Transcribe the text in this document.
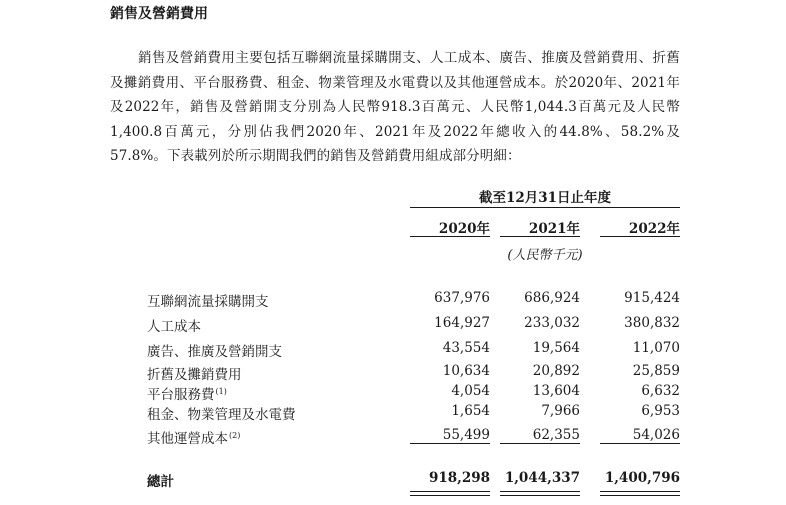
銷售及營銷費用

銷售及營銷費用主要包括互聯網流量採購開支、人工成本、廣告、推廣及營銷費用、折舊及攤銷費用、平台服務費、租金、物業管理及水電費以及其他運營成本。於2020年、2021年及2022年，銷售及營銷開支分別為人民幣918.3百萬元、人民幣1,044.3百萬元及人民幣1,400.8百萬元，分別佔我們2020年、2021年及2022年總收入的44.8%、58.2%及57.8%。下表載列於所示期間我們的銷售及營銷費用組成部分明細：

截至12月31日止年度
2020年	2021年	2022年
(人民幣千元)
互聯網流量採購開支	637,976	686,924	915,424
人工成本	164,927	233,032	380,832
廣告、推廣及營銷開支	43,554	19,564	11,070
折舊及攤銷費用	10,634	20,892	25,859
平台服務費$^{(1)}$	4,054	13,604	6,632
租金、物業管理及水電費	1,654	7,966	6,953
其他運營成本$^{(2)}$	55,499	62,355	54,026
總計	918,298	1,044,337	1,400,796
